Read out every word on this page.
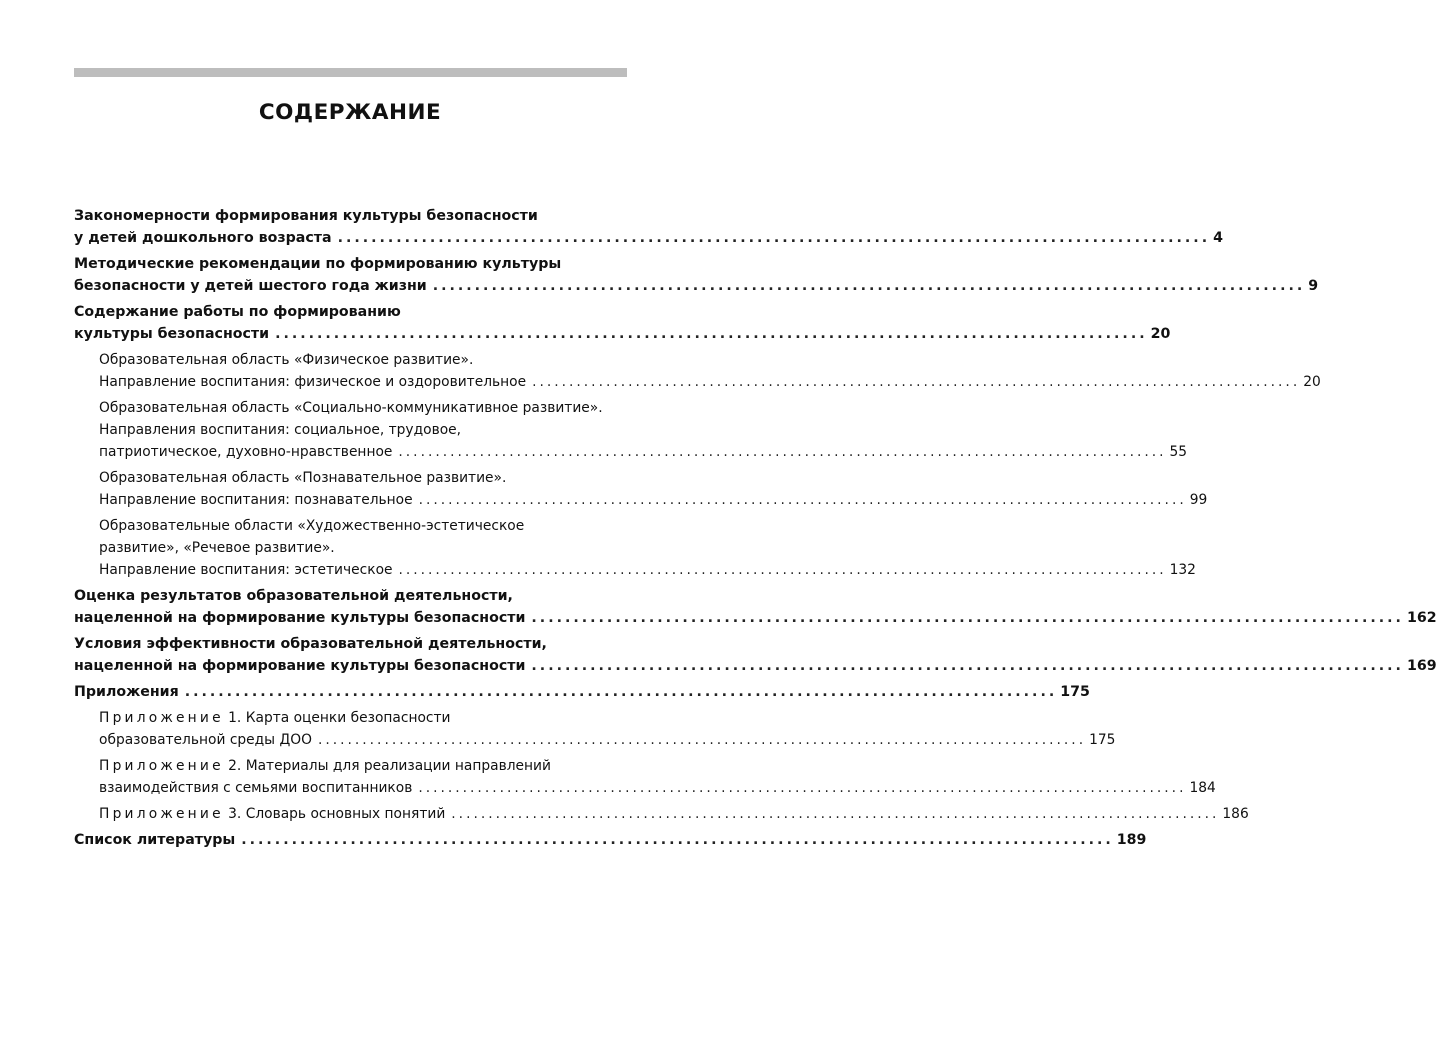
СОДЕРЖАНИЕ
Закономерности формирования культуры безопасности
у детей дошкольного возраста ........................................................................................................ 4
Методические рекомендации по формированию культуры
безопасности у детей шестого года жизни ........................................................................................................ 9
Содержание работы по формированию
культуры безопасности ........................................................................................................ 20
Образовательная область «Физическое развитие».
Направление воспитания: физическое и оздоровительное ........................................................................................................ 20
Образовательная область «Социально-коммуникативное развитие».
Направления воспитания: социальное, трудовое,
патриотическое, духовно-нравственное ........................................................................................................ 55
Образовательная область «Познавательное развитие».
Направление воспитания: познавательное ........................................................................................................ 99
Образовательные области «Художественно-эстетическое
развитие», «Речевое развитие».
Направление воспитания: эстетическое ........................................................................................................ 132
Оценка результатов образовательной деятельности,
нацеленной на формирование культуры безопасности ........................................................................................................ 162
Условия эффективности образовательной деятельности,
нацеленной на формирование культуры безопасности ........................................................................................................ 169
Приложения ........................................................................................................ 175
Приложение 1. Карта оценки безопасности
образовательной среды ДОО ........................................................................................................ 175
Приложение 2. Материалы для реализации направлений
взаимодействия с семьями воспитанников ........................................................................................................ 184
Приложение 3. Словарь основных понятий ........................................................................................................ 186
Список литературы ........................................................................................................ 189
